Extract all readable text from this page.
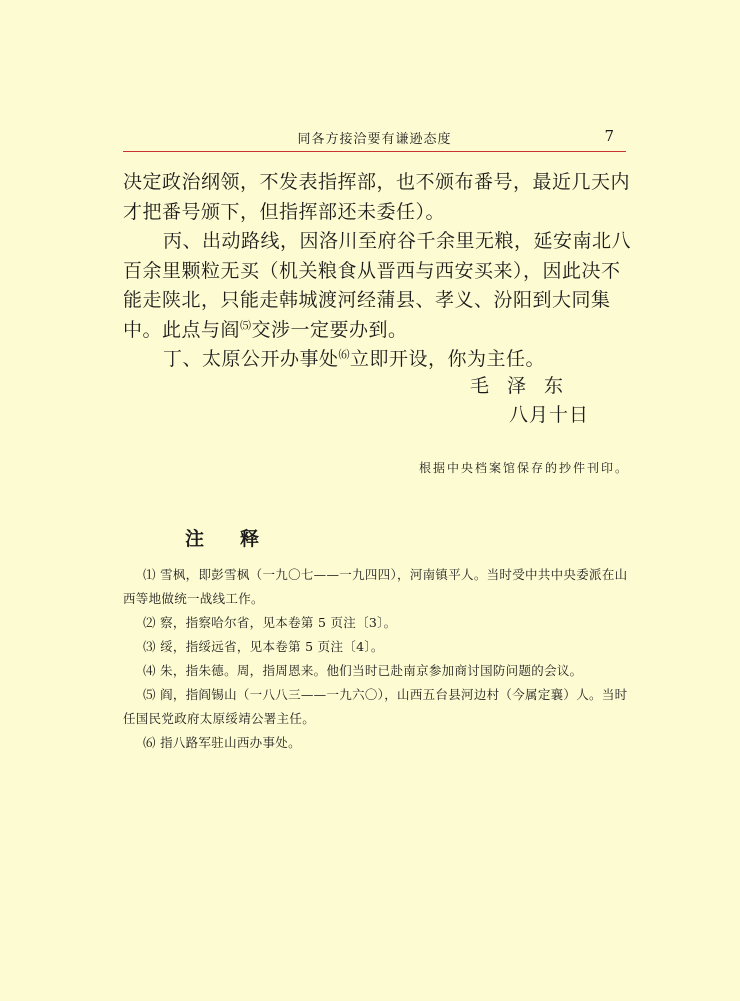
同各方接洽要有谦逊态度	7

决定政治纲领，不发表指挥部，也不颁布番号，最近几天内才把番号颁下，但指挥部还未委任）。

丙、出动路线，因洛川至府谷千余里无粮，延安南北八百余里颗粒无买（机关粮食从晋西与西安买来），因此决不能走陕北，只能走韩城渡河经蒲县、孝义、汾阳到大同集中。此点与阎⑸交涉一定要办到。

丁、太原公开办事处⑹立即开设，你为主任。

毛泽东
八月十日
根据中央档案馆保存的抄件刊印。
注 释

⑴ 雪枫，即彭雪枫（一九〇七——一九四四），河南镇平人。当时受中共中央委派在山西等地做统一战线工作。

⑵ 察，指察哈尔省，见本卷第 5 页注〔3〕。

⑶ 绥，指绥远省，见本卷第 5 页注〔4〕。

⑷ 朱，指朱德。周，指周恩来。他们当时已赴南京参加商讨国防问题的会议。

⑸ 阎，指阎锡山（一八八三——一九六〇），山西五台县河边村（今属定襄）人。当时任国民党政府太原绥靖公署主任。

⑹ 指八路军驻山西办事处。
